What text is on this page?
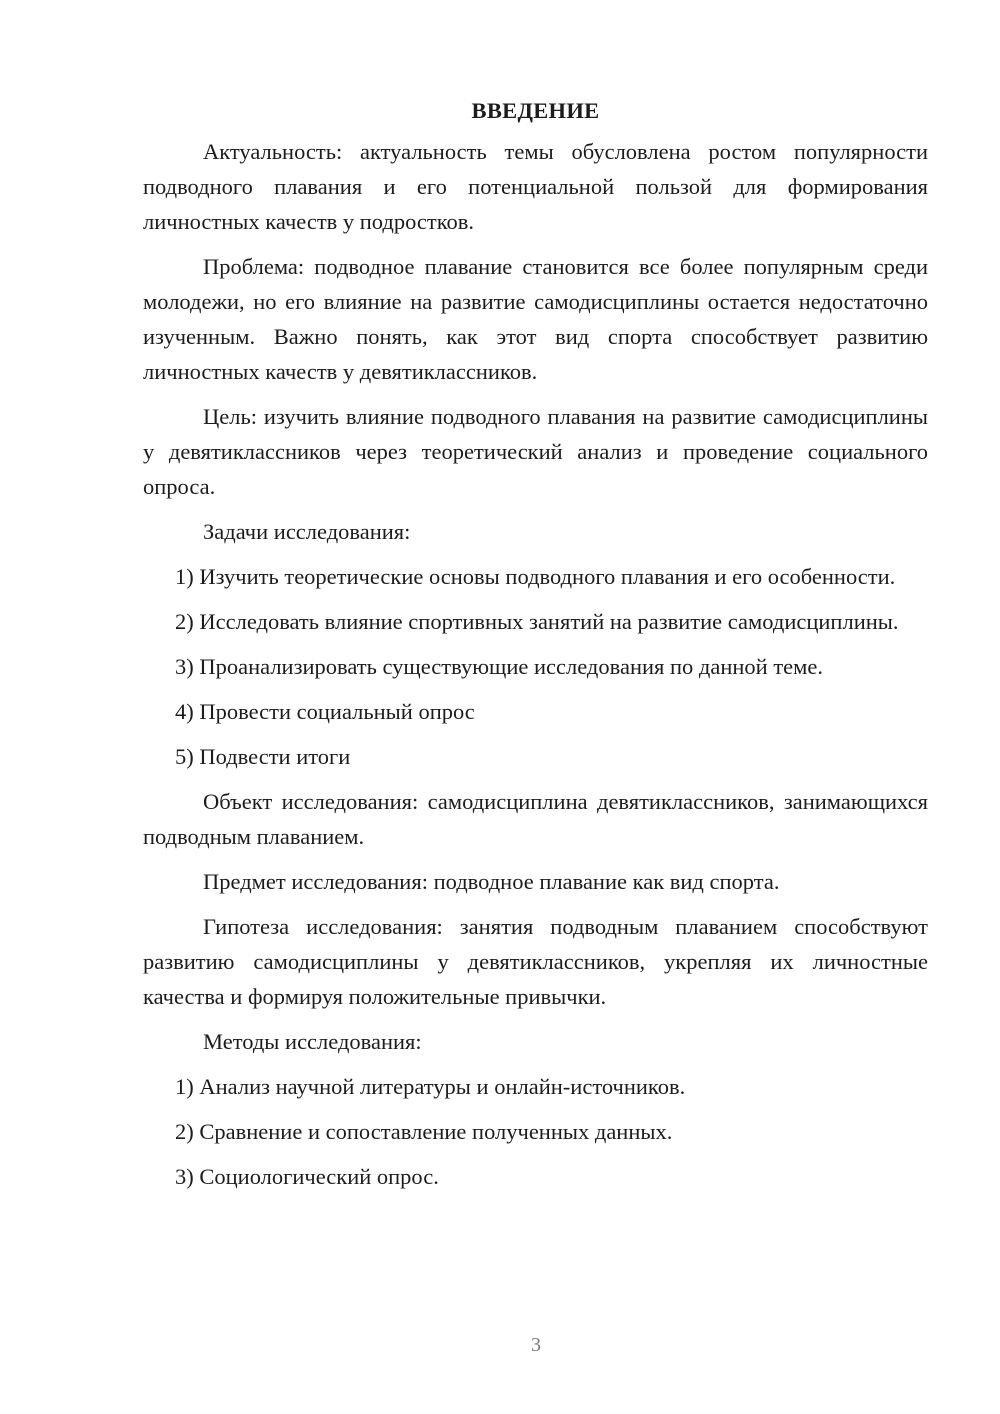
ВВЕДЕНИЕ

Актуальность: актуальность темы обусловлена ростом популярности подводного плавания и его потенциальной пользой для формирования личностных качеств у подростков.

Проблема: подводное плавание становится все более популярным среди молодежи, но его влияние на развитие самодисциплины остается недостаточно изученным. Важно понять, как этот вид спорта способствует развитию личностных качеств у девятиклассников.

Цель: изучить влияние подводного плавания на развитие самодисциплины у девятиклассников через теоретический анализ и проведение социального опроса.

Задачи исследования:

1) Изучить теоретические основы подводного плавания и его особенности.

2) Исследовать влияние спортивных занятий на развитие самодисциплины.

3) Проанализировать существующие исследования по данной теме.

4) Провести социальный опрос

5) Подвести итоги

Объект исследования: самодисциплина девятиклассников, занимающихся подводным плаванием.

Предмет исследования: подводное плавание как вид спорта.

Гипотеза исследования: занятия подводным плаванием способствуют развитию самодисциплины у девятиклассников, укрепляя их личностные качества и формируя положительные привычки.

Методы исследования:

1) Анализ научной литературы и онлайн-источников.

2) Сравнение и сопоставление полученных данных.

3) Социологический опрос.

3
